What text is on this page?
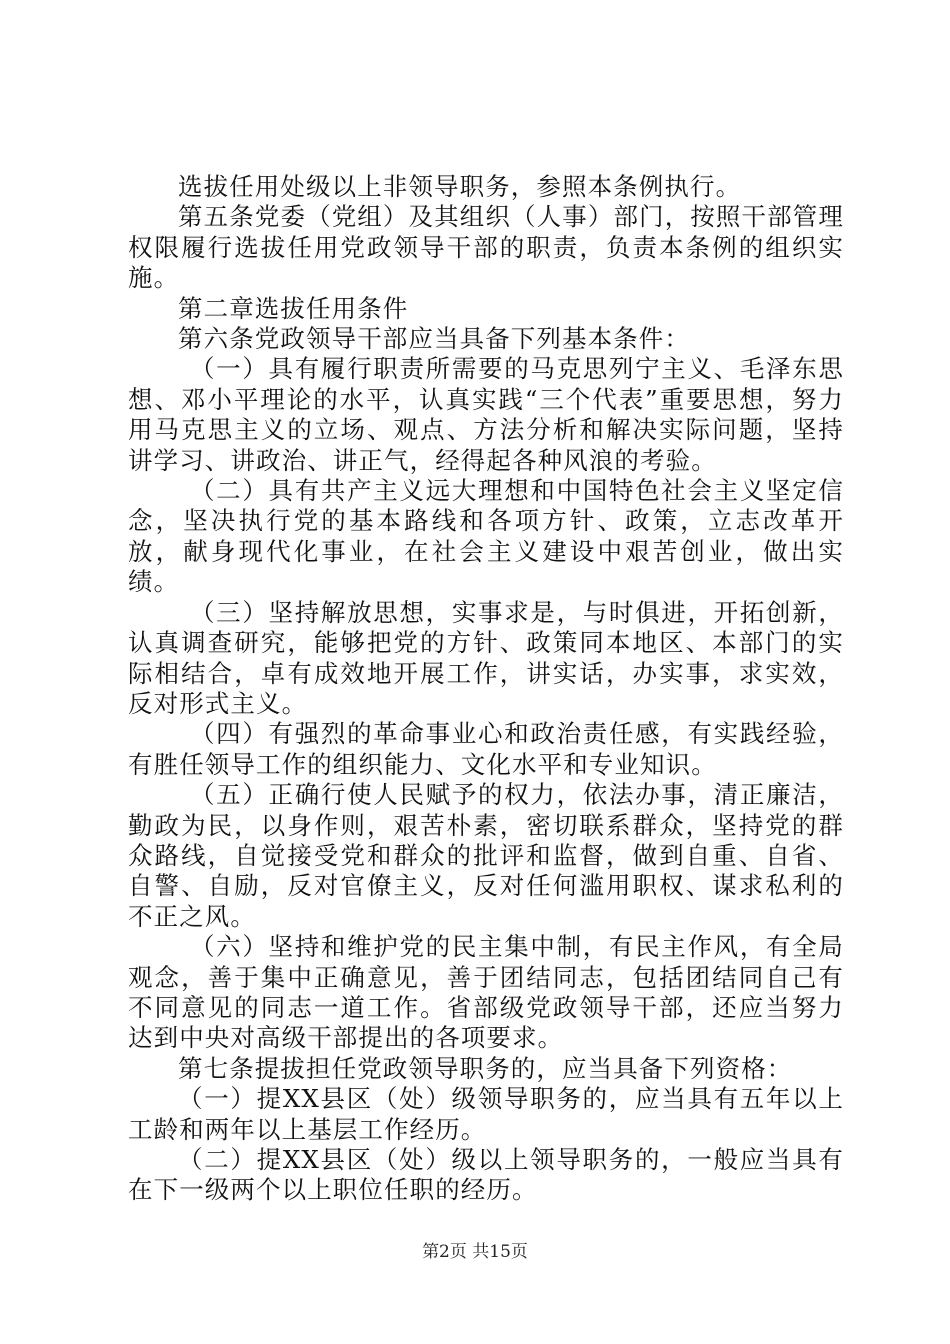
选拔任用处级以上非领导职务，参照本条例执行。

第五条党委（党组）及其组织（人事）部门，按照干部管理权限履行选拔任用党政领导干部的职责，负责本条例的组织实施。

第二章选拔任用条件

第六条党政领导干部应当具备下列基本条件：

（一）具有履行职责所需要的马克思列宁主义、毛泽东思想、邓小平理论的水平，认真实践“三个代表”重要思想，努力用马克思主义的立场、观点、方法分析和解决实际问题，坚持讲学习、讲政治、讲正气，经得起各种风浪的考验。

（二）具有共产主义远大理想和中国特色社会主义坚定信念，坚决执行党的基本路线和各项方针、政策，立志改革开放，献身现代化事业，在社会主义建设中艰苦创业，做出实绩。

（三）坚持解放思想，实事求是，与时俱进，开拓创新，认真调查研究，能够把党的方针、政策同本地区、本部门的实际相结合，卓有成效地开展工作，讲实话，办实事，求实效，反对形式主义。

（四）有强烈的革命事业心和政治责任感，有实践经验，有胜任领导工作的组织能力、文化水平和专业知识。

（五）正确行使人民赋予的权力，依法办事，清正廉洁，勤政为民，以身作则，艰苦朴素，密切联系群众，坚持党的群众路线，自觉接受党和群众的批评和监督，做到自重、自省、自警、自励，反对官僚主义，反对任何滥用职权、谋求私利的不正之风。

（六）坚持和维护党的民主集中制，有民主作风，有全局观念，善于集中正确意见，善于团结同志，包括团结同自己有不同意见的同志一道工作。省部级党政领导干部，还应当努力达到中央对高级干部提出的各项要求。

第七条提拔担任党政领导职务的，应当具备下列资格：

（一）提XX县区（处）级领导职务的，应当具有五年以上工龄和两年以上基层工作经历。

（二）提XX县区（处）级以上领导职务的，一般应当具有在下一级两个以上职位任职的经历。

第2页 共15页
